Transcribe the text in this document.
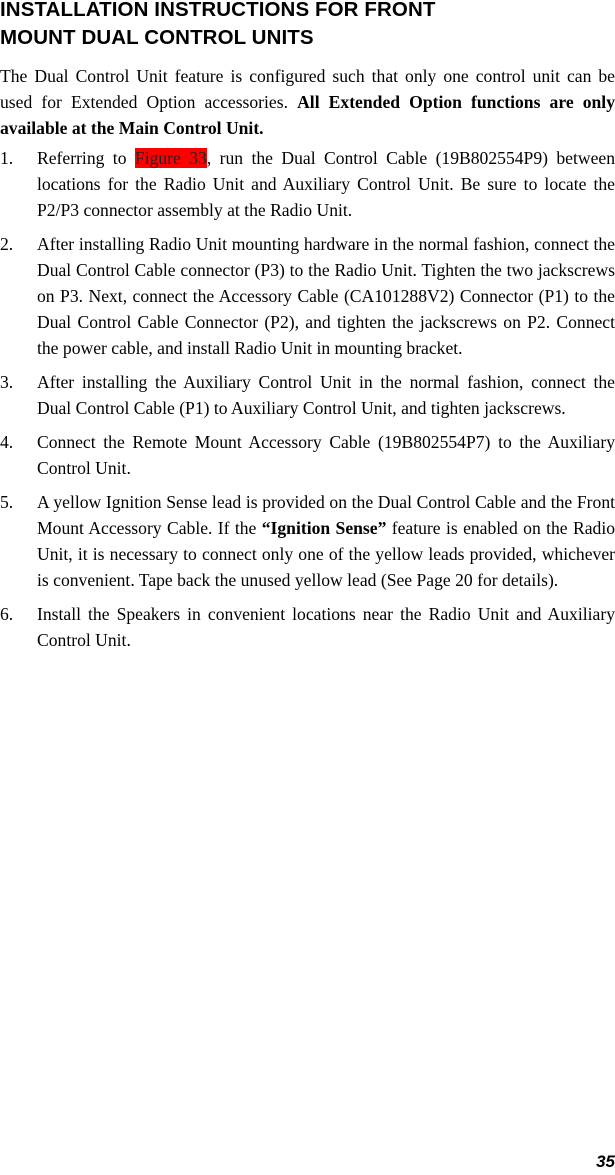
INSTALLATION INSTRUCTIONS FOR FRONT
MOUNT DUAL CONTROL UNITS

The Dual Control Unit feature is configured such that only one control unit can be used for Extended Option accessories. All Extended Option functions are only available at the Main Control Unit.

1. Referring to Figure 33, run the Dual Control Cable (19B802554P9) between locations for the Radio Unit and Auxiliary Control Unit. Be sure to locate the P2/P3 connector assembly at the Radio Unit.
2. After installing Radio Unit mounting hardware in the normal fashion, connect the Dual Control Cable connector (P3) to the Radio Unit. Tighten the two jackscrews on P3. Next, connect the Accessory Cable (CA101288V2) Connector (P1) to the Dual Control Cable Connector (P2), and tighten the jackscrews on P2. Connect the power cable, and install Radio Unit in mounting bracket.
3. After installing the Auxiliary Control Unit in the normal fashion, connect the Dual Control Cable (P1) to Auxiliary Control Unit, and tighten jackscrews.
4. Connect the Remote Mount Accessory Cable (19B802554P7) to the Auxiliary Control Unit.
5. A yellow Ignition Sense lead is provided on the Dual Control Cable and the Front Mount Accessory Cable. If the “Ignition Sense” feature is enabled on the Radio Unit, it is necessary to connect only one of the yellow leads provided, whichever is convenient. Tape back the unused yellow lead (See Page 20 for details).
6. Install the Speakers in convenient locations near the Radio Unit and Auxiliary Control Unit.
35
